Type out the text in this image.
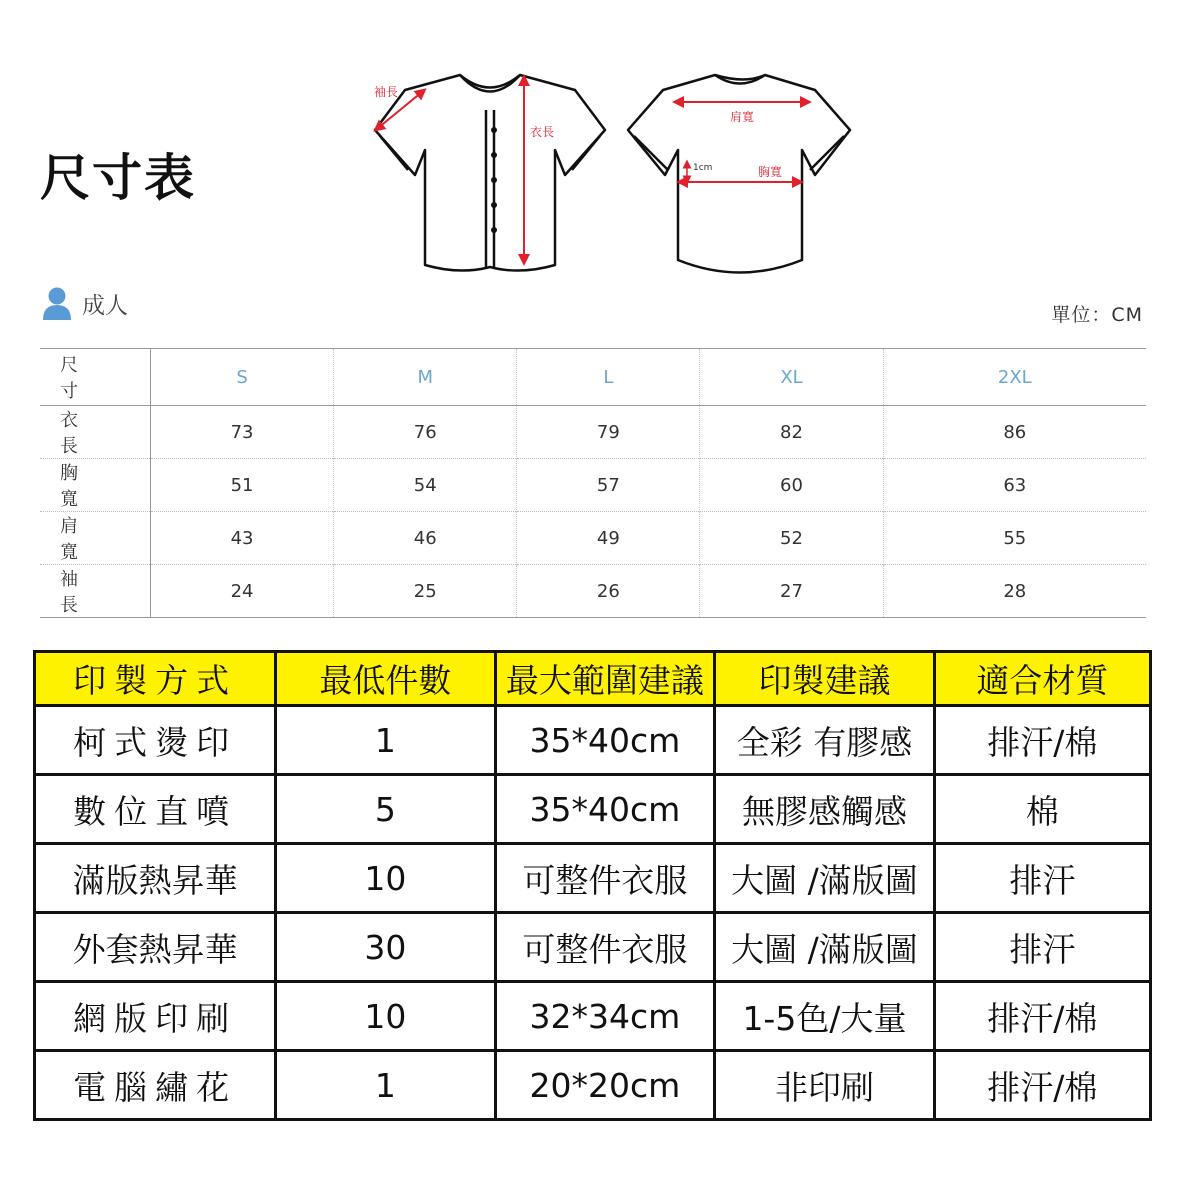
尺寸表
袖長
衣長
肩寬
胸寬
1cm
成人	單位：CM
尺 寸	S	M	L	XL	2XL
衣 長	73	76	79	82	86
胸 寬	51	54	57	60	63
肩 寬	43	46	49	52	55
袖 長	24	25	26	27	28
印製方式	最低件數	最大範圍建議	印製建議	適合材質
柯式燙印	1	35*40cm	全彩 有膠感	排汗/棉
數位直噴	5	35*40cm	無膠感觸感	棉
滿版熱昇華	10	可整件衣服	大圖 /滿版圖	排汗
外套熱昇華	30	可整件衣服	大圖 /滿版圖	排汗
網版印刷	10	32*34cm	1-5色/大量	排汗/棉
電腦繡花	1	20*20cm	非印刷	排汗/棉
